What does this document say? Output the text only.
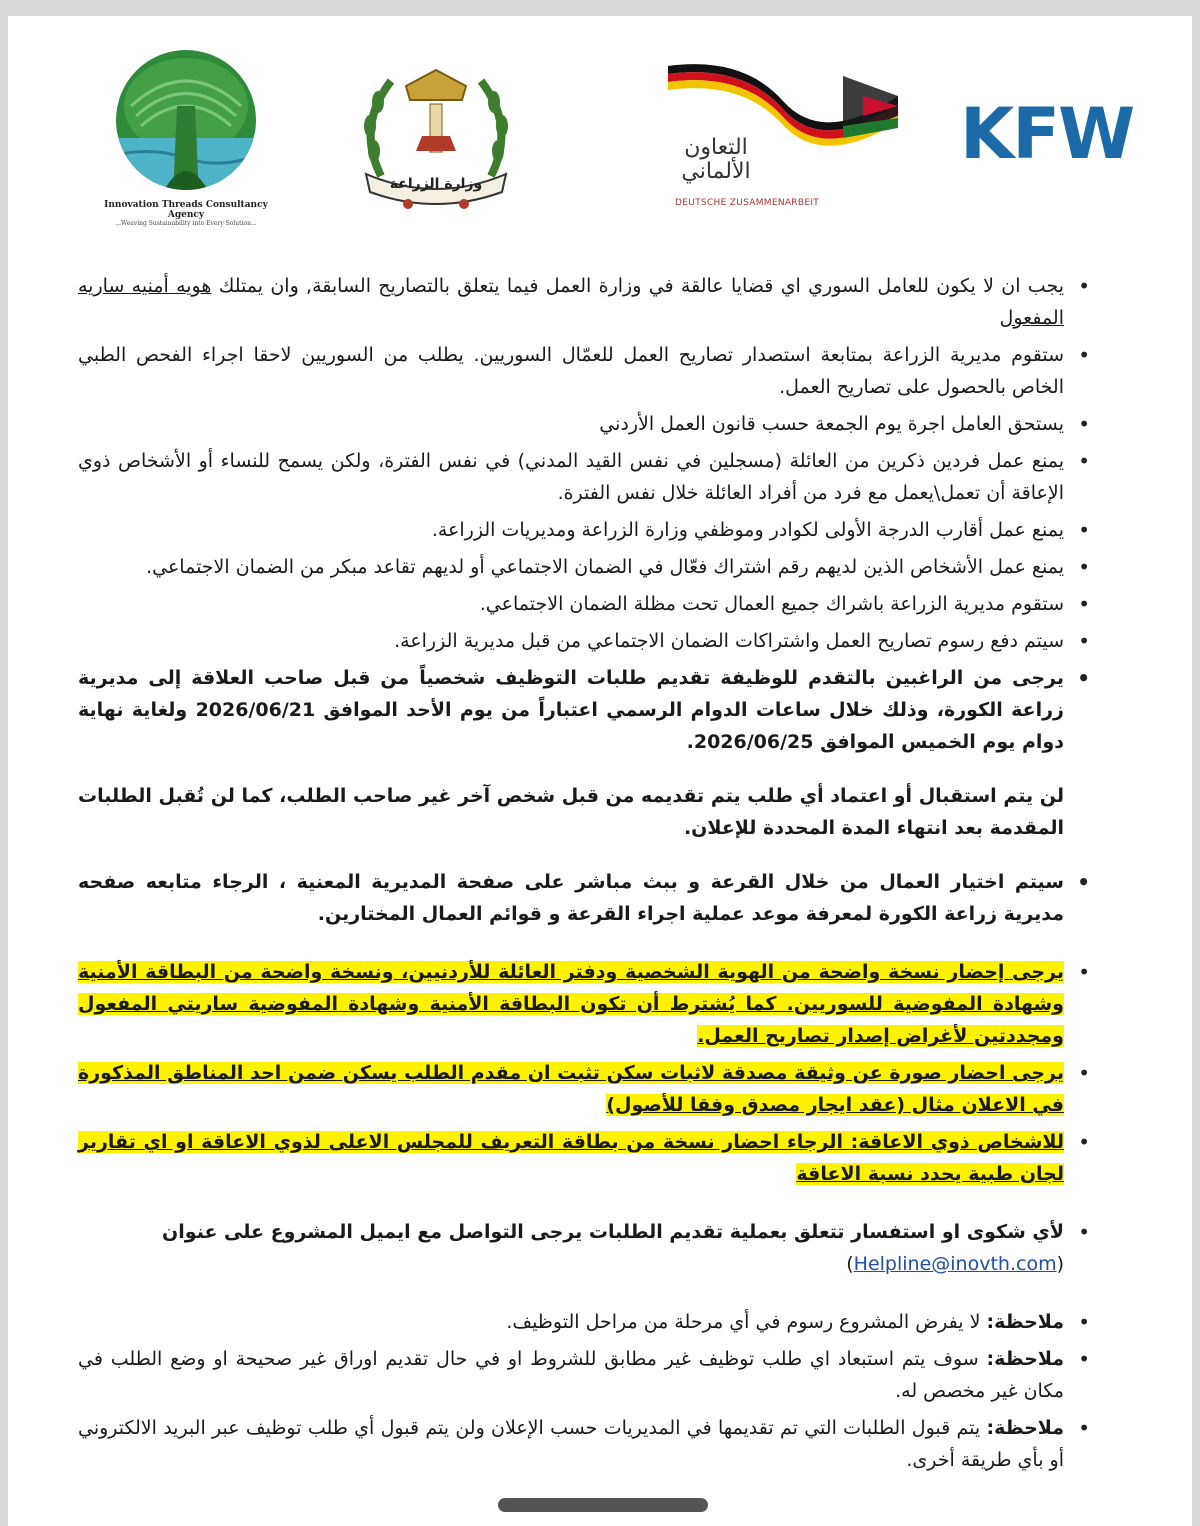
Innovation Threads Consultancy Agency
...Weaving Sustainability into Every Solution...
وزارة الزراعة
التعاون
الألماني
DEUTSCHE ZUSAMMENARBEIT
KFW
• يجب ان لا يكون للعامل السوري اي قضايا عالقة في وزارة العمل فيما يتعلق بالتصاريح السابقة, وان يمتلك هويه أمنيه ساريه المفعول
• ستقوم مديرية الزراعة بمتابعة استصدار تصاريح العمل للعمّال السوريين. يطلب من السوريين لاحقا اجراء الفحص الطبي الخاص بالحصول على تصاريح العمل.
• يستحق العامل اجرة يوم الجمعة حسب قانون العمل الأردني
• يمنع عمل فردين ذكرين من العائلة (مسجلين في نفس القيد المدني) في نفس الفترة، ولكن يسمح للنساء أو الأشخاص ذوي الإعاقة أن تعمل\يعمل مع فرد من أفراد العائلة خلال نفس الفترة.
• يمنع عمل أقارب الدرجة الأولى لكوادر وموظفي وزارة الزراعة ومديريات الزراعة.
• يمنع عمل الأشخاص الذين لديهم رقم اشتراك فعّال في الضمان الاجتماعي أو لديهم تقاعد مبكر من الضمان الاجتماعي.
• ستقوم مديرية الزراعة باشراك جميع العمال تحت مظلة الضمان الاجتماعي.
• سيتم دفع رسوم تصاريح العمل واشتراكات الضمان الاجتماعي من قبل مديرية الزراعة.
• يرجى من الراغبين بالتقدم للوظيفة تقديم طلبات التوظيف شخصياً من قبل صاحب العلاقة إلى مديرية زراعة الكورة، وذلك خلال ساعات الدوام الرسمي اعتباراً من يوم الأحد الموافق 2026/06/21 ولغاية نهاية دوام يوم الخميس الموافق 2026/06/25.
لن يتم استقبال أو اعتماد أي طلب يتم تقديمه من قبل شخص آخر غير صاحب الطلب، كما لن تُقبل الطلبات المقدمة بعد انتهاء المدة المحددة للإعلان.
• سيتم اختيار العمال من خلال القرعة و ببث مباشر على صفحة المديرية المعنية ، الرجاء متابعه صفحه مديرية زراعة الكورة لمعرفة موعد عملية اجراء القرعة و قوائم العمال المختارين.
• يرجى إحضار نسخة واضحة من الهوية الشخصية ودفتر العائلة للأردنيين، ونسخة واضحة من البطاقة الأمنية وشهادة المفوضية للسوريين. كما يُشترط أن تكون البطاقة الأمنية وشهادة المفوضية ساريتي المفعول ومجددتين لأغراض إصدار تصاريح العمل.
• يرجى احضار صورة عن وثيقة مصدقة لاثبات سكن تثبت ان مقدم الطلب يسكن ضمن احد المناطق المذكورة في الاعلان مثال (عقد ايجار مصدق وفقا للأصول)
• للاشخاص ذوي الاعاقة: الرجاء احضار نسخة من بطاقة التعريف للمجلس الاعلى لذوي الاعاقة او اي تقارير لجان طبية يحدد نسبة الاعاقة
• لأي شكوى او استفسار تتعلق بعملية تقديم الطلبات يرجى التواصل مع ايميل المشروع على عنوان
(Helpline@inovth.com)
• ملاحظة: لا يفرض المشروع رسوم في أي مرحلة من مراحل التوظيف.
• ملاحظة: سوف يتم استبعاد اي طلب توظيف غير مطابق للشروط او في حال تقديم اوراق غير صحيحة او وضع الطلب في مكان غير مخصص له.
• ملاحظة: يتم قبول الطلبات التي تم تقديمها في المديريات حسب الإعلان ولن يتم قبول أي طلب توظيف عبر البريد الالكتروني أو بأي طريقة أخرى.
